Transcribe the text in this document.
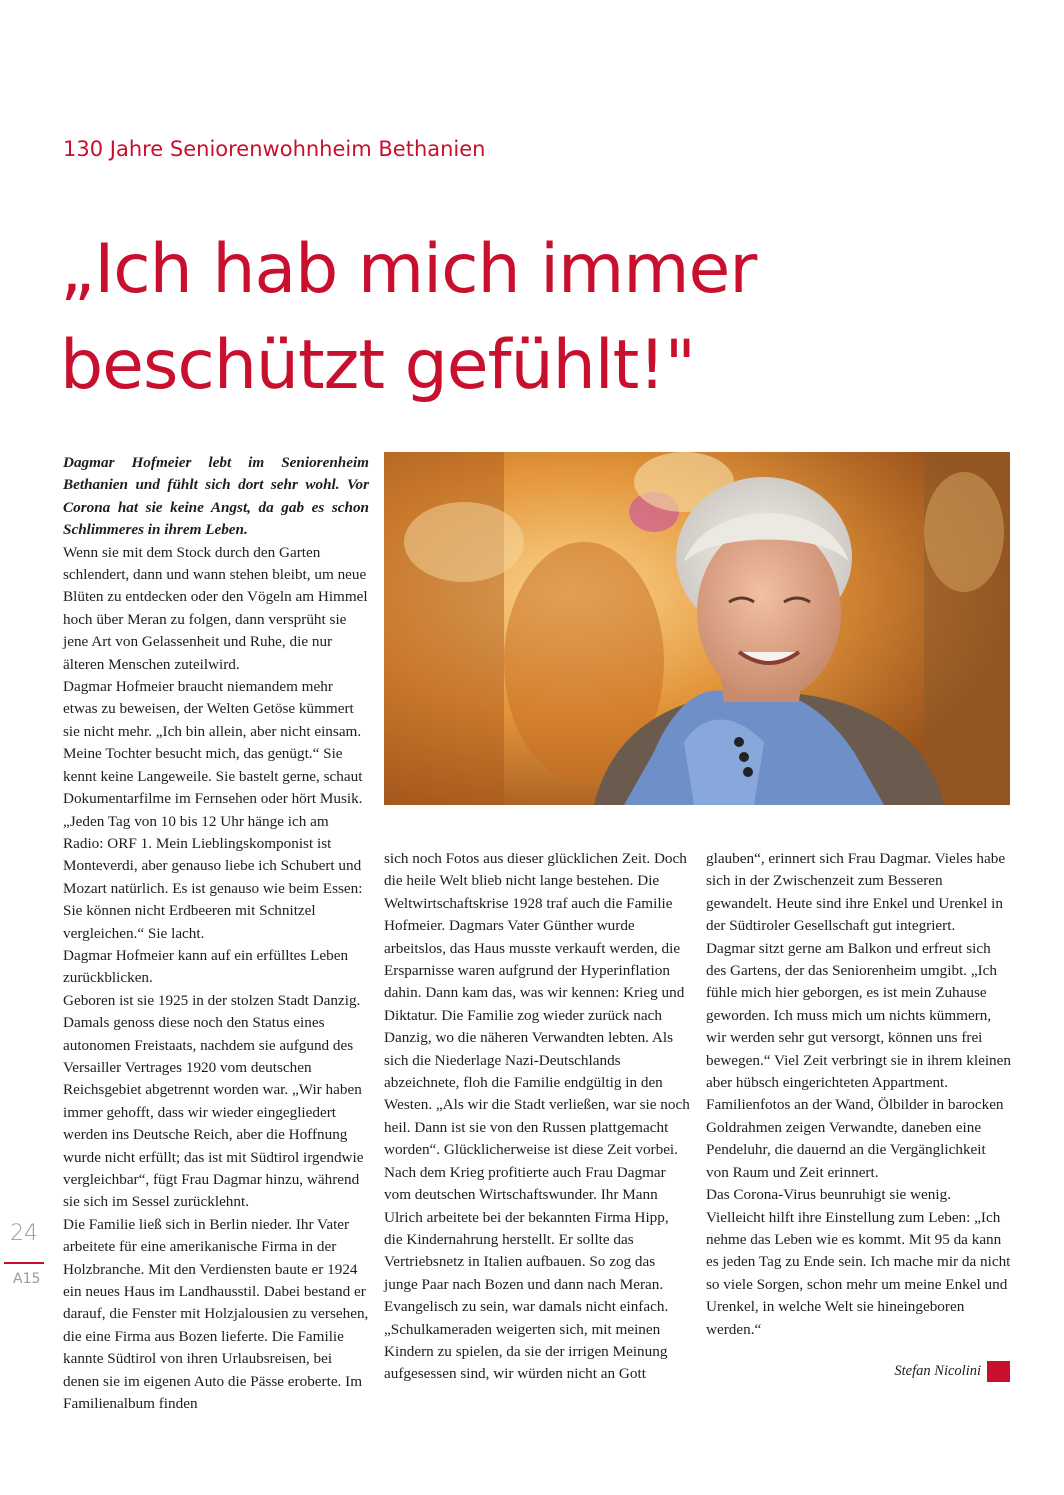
130 Jahre Seniorenwohnheim Bethanien
„Ich hab mich immer
beschützt gefühlt!"

Dagmar Hofmeier lebt im Seniorenheim Bethanien und fühlt sich dort sehr wohl. Vor Corona hat sie keine Angst, da gab es schon Schlimmeres in ihrem Leben.

Wenn sie mit dem Stock durch den Garten schlendert, dann und wann stehen bleibt, um neue Blüten zu entdecken oder den Vögeln am Himmel hoch über Meran zu folgen, dann versprüht sie jene Art von Gelassenheit und Ruhe, die nur älteren Menschen zuteilwird.

Dagmar Hofmeier braucht niemandem mehr etwas zu beweisen, der Welten Getöse kümmert sie nicht mehr. „Ich bin allein, aber nicht einsam. Meine Tochter besucht mich, das genügt.“ Sie kennt keine Langeweile. Sie bastelt gerne, schaut Dokumentarfilme im Fernsehen oder hört Musik. „Jeden Tag von 10 bis 12 Uhr hänge ich am Radio: ORF 1. Mein Lieblingskomponist ist Monteverdi, aber genauso liebe ich Schubert und Mozart natürlich. Es ist genauso wie beim Essen: Sie können nicht Erdbeeren mit Schnitzel vergleichen.“ Sie lacht.

Dagmar Hofmeier kann auf ein erfülltes Leben zurückblicken.

Geboren ist sie 1925 in der stolzen Stadt Danzig. Damals genoss diese noch den Status eines autonomen Freistaats, nachdem sie aufgund des Versailler Vertrages 1920 vom deutschen Reichsgebiet abgetrennt worden war. „Wir haben immer gehofft, dass wir wieder eingegliedert werden ins Deutsche Reich, aber die Hoffnung wurde nicht erfüllt; das ist mit Südtirol irgendwie vergleichbar“, fügt Frau Dagmar hinzu, während sie sich im Sessel zurücklehnt.

Die Familie ließ sich in Berlin nieder. Ihr Vater arbeitete für eine amerikanische Firma in der Holzbranche. Mit den Verdiensten baute er 1924 ein neues Haus im Landhausstil. Dabei bestand er darauf, die Fenster mit Holzjalousien zu versehen, die eine Firma aus Bozen lieferte. Die Familie kannte Südtirol von ihren Urlaubsreisen, bei denen sie im eigenen Auto die Pässe eroberte. Im Familienalbum finden

sich noch Fotos aus dieser glücklichen Zeit. Doch die heile Welt blieb nicht lange bestehen. Die Weltwirtschaftskrise 1928 traf auch die Familie Hofmeier. Dagmars Vater Günther wurde arbeitslos, das Haus musste verkauft werden, die Ersparnisse waren aufgrund der Hyperinflation dahin. Dann kam das, was wir kennen: Krieg und Diktatur. Die Familie zog wieder zurück nach Danzig, wo die näheren Verwandten lebten. Als sich die Niederlage Nazi-Deutschlands abzeichnete, floh die Familie endgültig in den Westen. „Als wir die Stadt verließen, war sie noch heil. Dann ist sie von den Russen plattgemacht worden“. Glücklicherweise ist diese Zeit vorbei.

Nach dem Krieg profitierte auch Frau Dagmar vom deutschen Wirtschaftswunder. Ihr Mann Ulrich arbeitete bei der bekannten Firma Hipp, die Kindernahrung herstellt. Er sollte das Vertriebsnetz in Italien aufbauen. So zog das junge Paar nach Bozen und dann nach Meran. Evangelisch zu sein, war damals nicht einfach. „Schulkameraden weigerten sich, mit meinen Kindern zu spielen, da sie der irrigen Meinung aufgesessen sind, wir würden nicht an Gott

glauben“, erinnert sich Frau Dagmar. Vieles habe sich in der Zwischenzeit zum Besseren gewandelt. Heute sind ihre Enkel und Urenkel in der Südtiroler Gesellschaft gut integriert.

Dagmar sitzt gerne am Balkon und erfreut sich des Gartens, der das Seniorenheim umgibt. „Ich fühle mich hier geborgen, es ist mein Zuhause geworden. Ich muss mich um nichts kümmern, wir werden sehr gut versorgt, können uns frei bewegen.“ Viel Zeit verbringt sie in ihrem kleinen aber hübsch eingerichteten Appartment. Familienfotos an der Wand, Ölbilder in barocken Goldrahmen zeigen Verwandte, daneben eine Pendeluhr, die dauernd an die Vergänglichkeit von Raum und Zeit erinnert.

Das Corona-Virus beunruhigt sie wenig. Vielleicht hilft ihre Einstellung zum Leben: „Ich nehme das Leben wie es kommt. Mit 95 da kann es jeden Tag zu Ende sein. Ich mache mir da nicht so viele Sorgen, schon mehr um meine Enkel und Urenkel, in welche Welt sie hineingeboren werden.“

Stefan Nicolini
24
A15
